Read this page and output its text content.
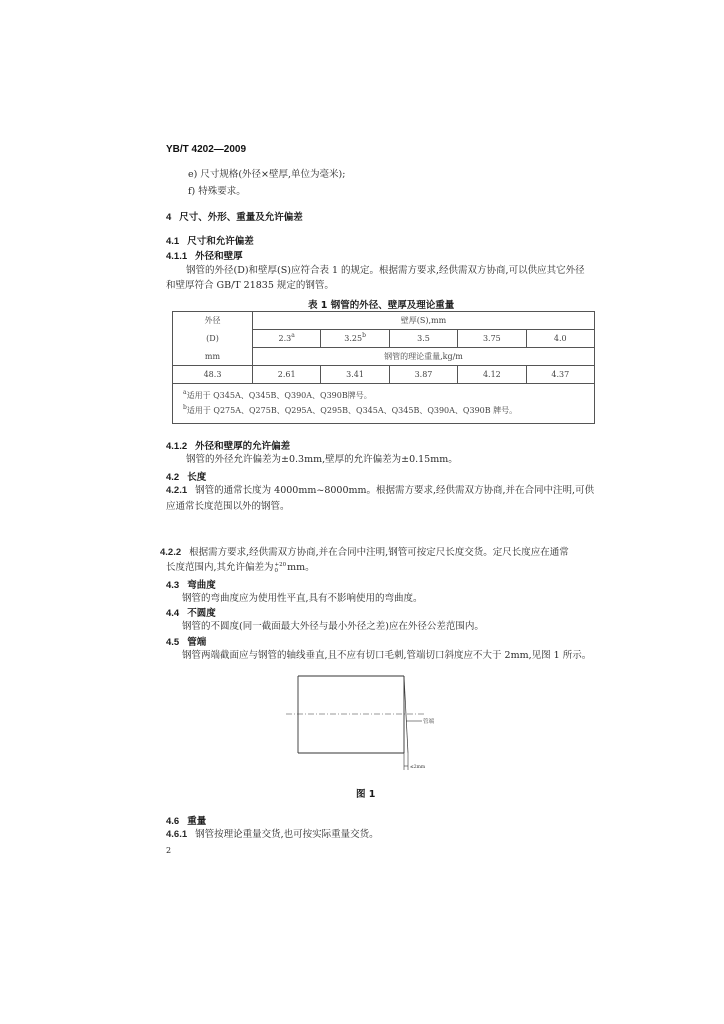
YB/T 4202—2009
e) 尺寸规格(外径×壁厚,单位为毫米);
f) 特殊要求。
4 尺寸、外形、重量及允许偏差
4.1 尺寸和允许偏差
4.1.1 外径和壁厚
钢管的外径(D)和壁厚(S)应符合表 1 的规定。根据需方要求,经供需双方协商,可以供应其它外径
和壁厚符合 GB/T 21835 规定的钢管。
表 1 钢管的外径、壁厚及理论重量
外径	壁厚(S),mm				
(D)	2.3$^a$	3.25$^b$	3.5	3.75	4.0
mm	钢管的理论重量,kg/m				
48.3	2.61	3.41	3.87	4.12	4.37

$^a$适用于 Q345A、Q345B、Q390A、Q390B牌号。
$^b$适用于 Q275A、Q275B、Q295A、Q295B、Q345A、Q345B、Q390A、Q390B 牌号。					
4.1.2 外径和壁厚的允许偏差
钢管的外径允许偏差为±0.3mm,壁厚的允许偏差为±0.15mm。
4.2 长度
4.2.1 钢管的通常长度为 4000mm~8000mm。根据需方要求,经供需双方协商,并在合同中注明,可供
应通常长度范围以外的钢管。
4.2.2 根据需方要求,经供需双方协商,并在合同中注明,钢管可按定尺长度交货。定尺长度应在通常
长度范围内,其允许偏差为 +20
0 mm。
4.3 弯曲度
钢管的弯曲度应为使用性平直,具有不影响使用的弯曲度。
4.4 不圆度
钢管的不圆度(同一截面最大外径与最小外径之差)应在外径公差范围内。
4.5 管端
钢管两端截面应与钢管的轴线垂直,且不应有切口毛刺,管端切口斜度应不大于 2mm,见图 1 所示。
管端
≤2mm
图 1
4.6 重量
4.6.1 钢管按理论重量交货,也可按实际重量交货。
2
